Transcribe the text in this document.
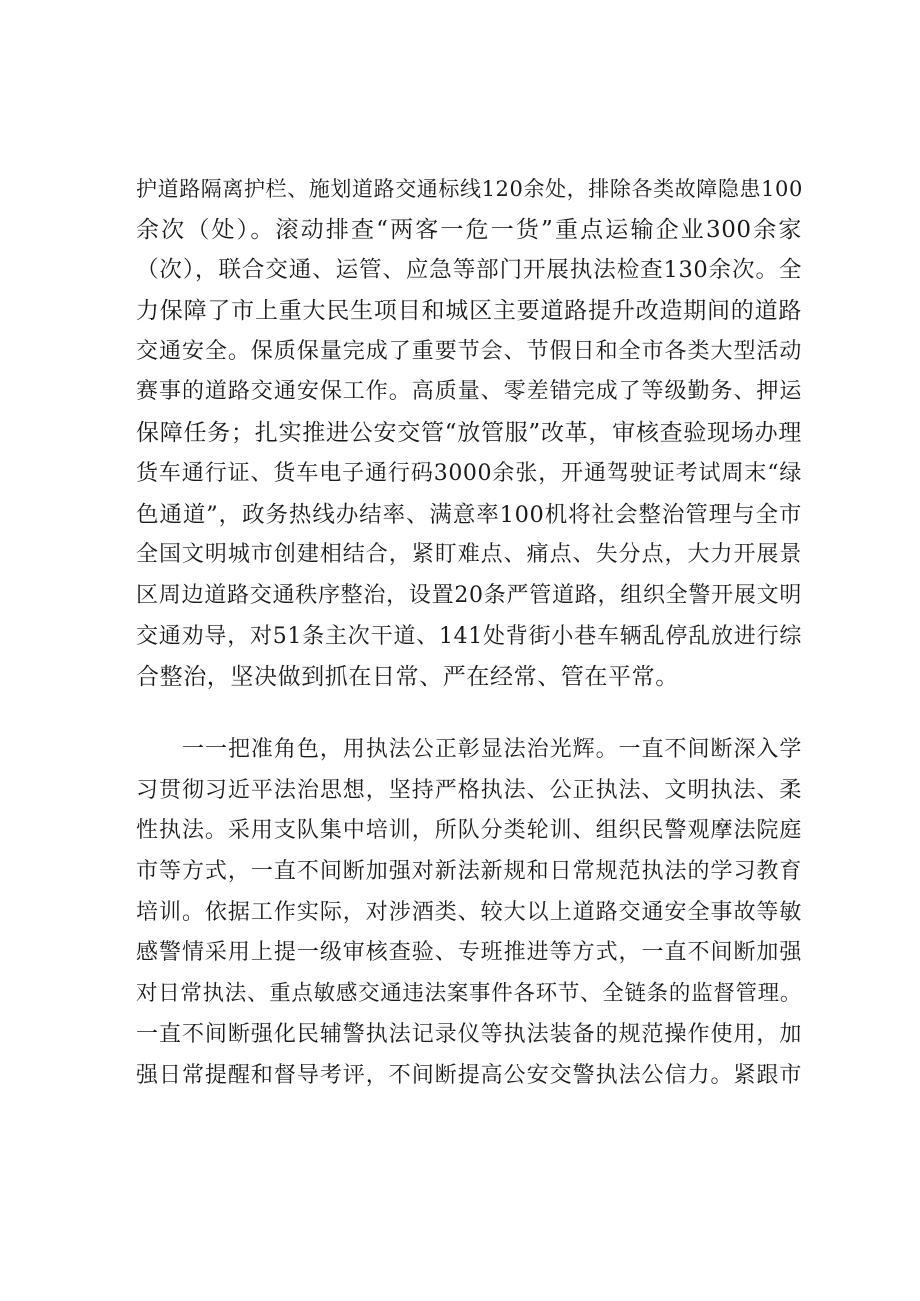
护道路隔离护栏、施划道路交通标线120余处，排除各类故障隐患100
余次（处）。滚动排查“两客一危一货”重点运输企业300余家
（次），联合交通、运管、应急等部门开展执法检查130余次。全
力保障了市上重大民生项目和城区主要道路提升改造期间的道路
交通安全。保质保量完成了重要节会、节假日和全市各类大型活动
赛事的道路交通安保工作。高质量、零差错完成了等级勤务、押运
保障任务；扎实推进公安交管“放管服”改革，审核查验现场办理
货车通行证、货车电子通行码3000余张，开通驾驶证考试周末“绿
色通道”，政务热线办结率、满意率100机将社会整治管理与全市
全国文明城市创建相结合，紧盯难点、痛点、失分点，大力开展景
区周边道路交通秩序整治，设置20条严管道路，组织全警开展文明
交通劝导，对51条主次干道、141处背街小巷车辆乱停乱放进行综
合整治，坚决做到抓在日常、严在经常、管在平常。
一一把准角色，用执法公正彰显法治光辉。一直不间断深入学
习贯彻习近平法治思想，坚持严格执法、公正执法、文明执法、柔
性执法。采用支队集中培训，所队分类轮训、组织民警观摩法院庭
市等方式，一直不间断加强对新法新规和日常规范执法的学习教育
培训。依据工作实际，对涉酒类、较大以上道路交通安全事故等敏
感警情采用上提一级审核查验、专班推进等方式，一直不间断加强
对日常执法、重点敏感交通违法案事件各环节、全链条的监督管理。
一直不间断强化民辅警执法记录仪等执法装备的规范操作使用，加
强日常提醒和督导考评，不间断提高公安交警执法公信力。紧跟市
